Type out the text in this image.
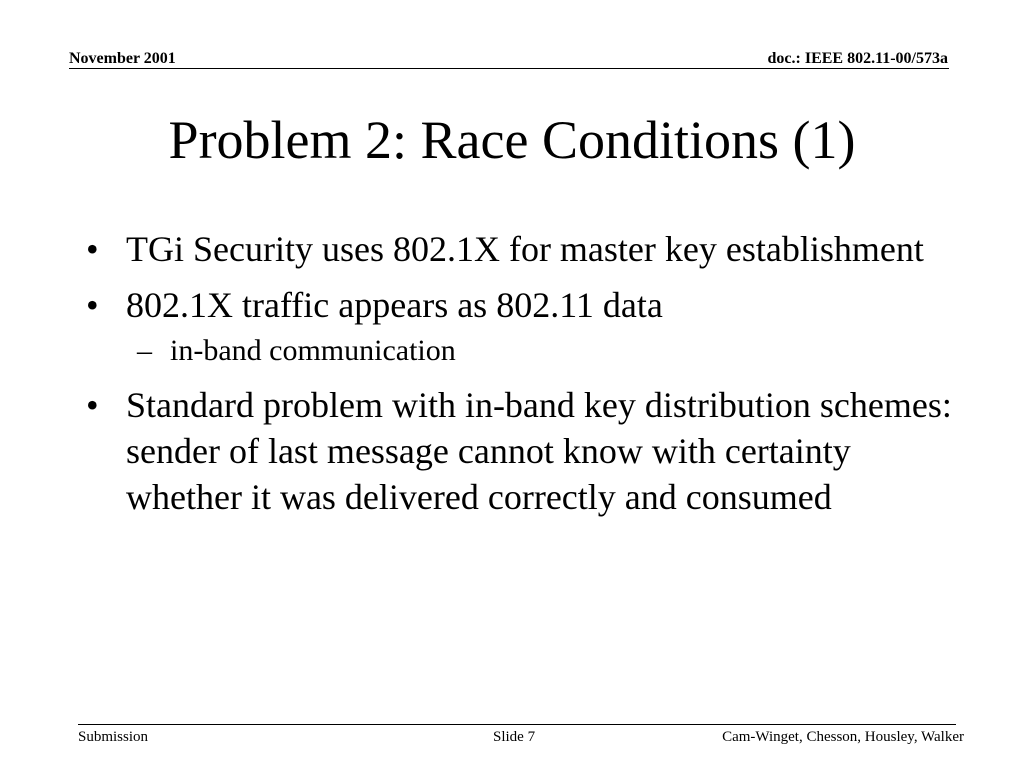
November 2001	doc.: IEEE 802.11-00/573a
Problem 2: Race Conditions (1)
• TGi Security uses 802.1X for master key establishment
• 802.1X traffic appears as 802.11 data
– in-band communication
• Standard problem with in-band key distribution schemes: sender of last message cannot know with certainty whether it was delivered correctly and consumed
Submission	Slide 7	Cam-Winget, Chesson, Housley, Walker
